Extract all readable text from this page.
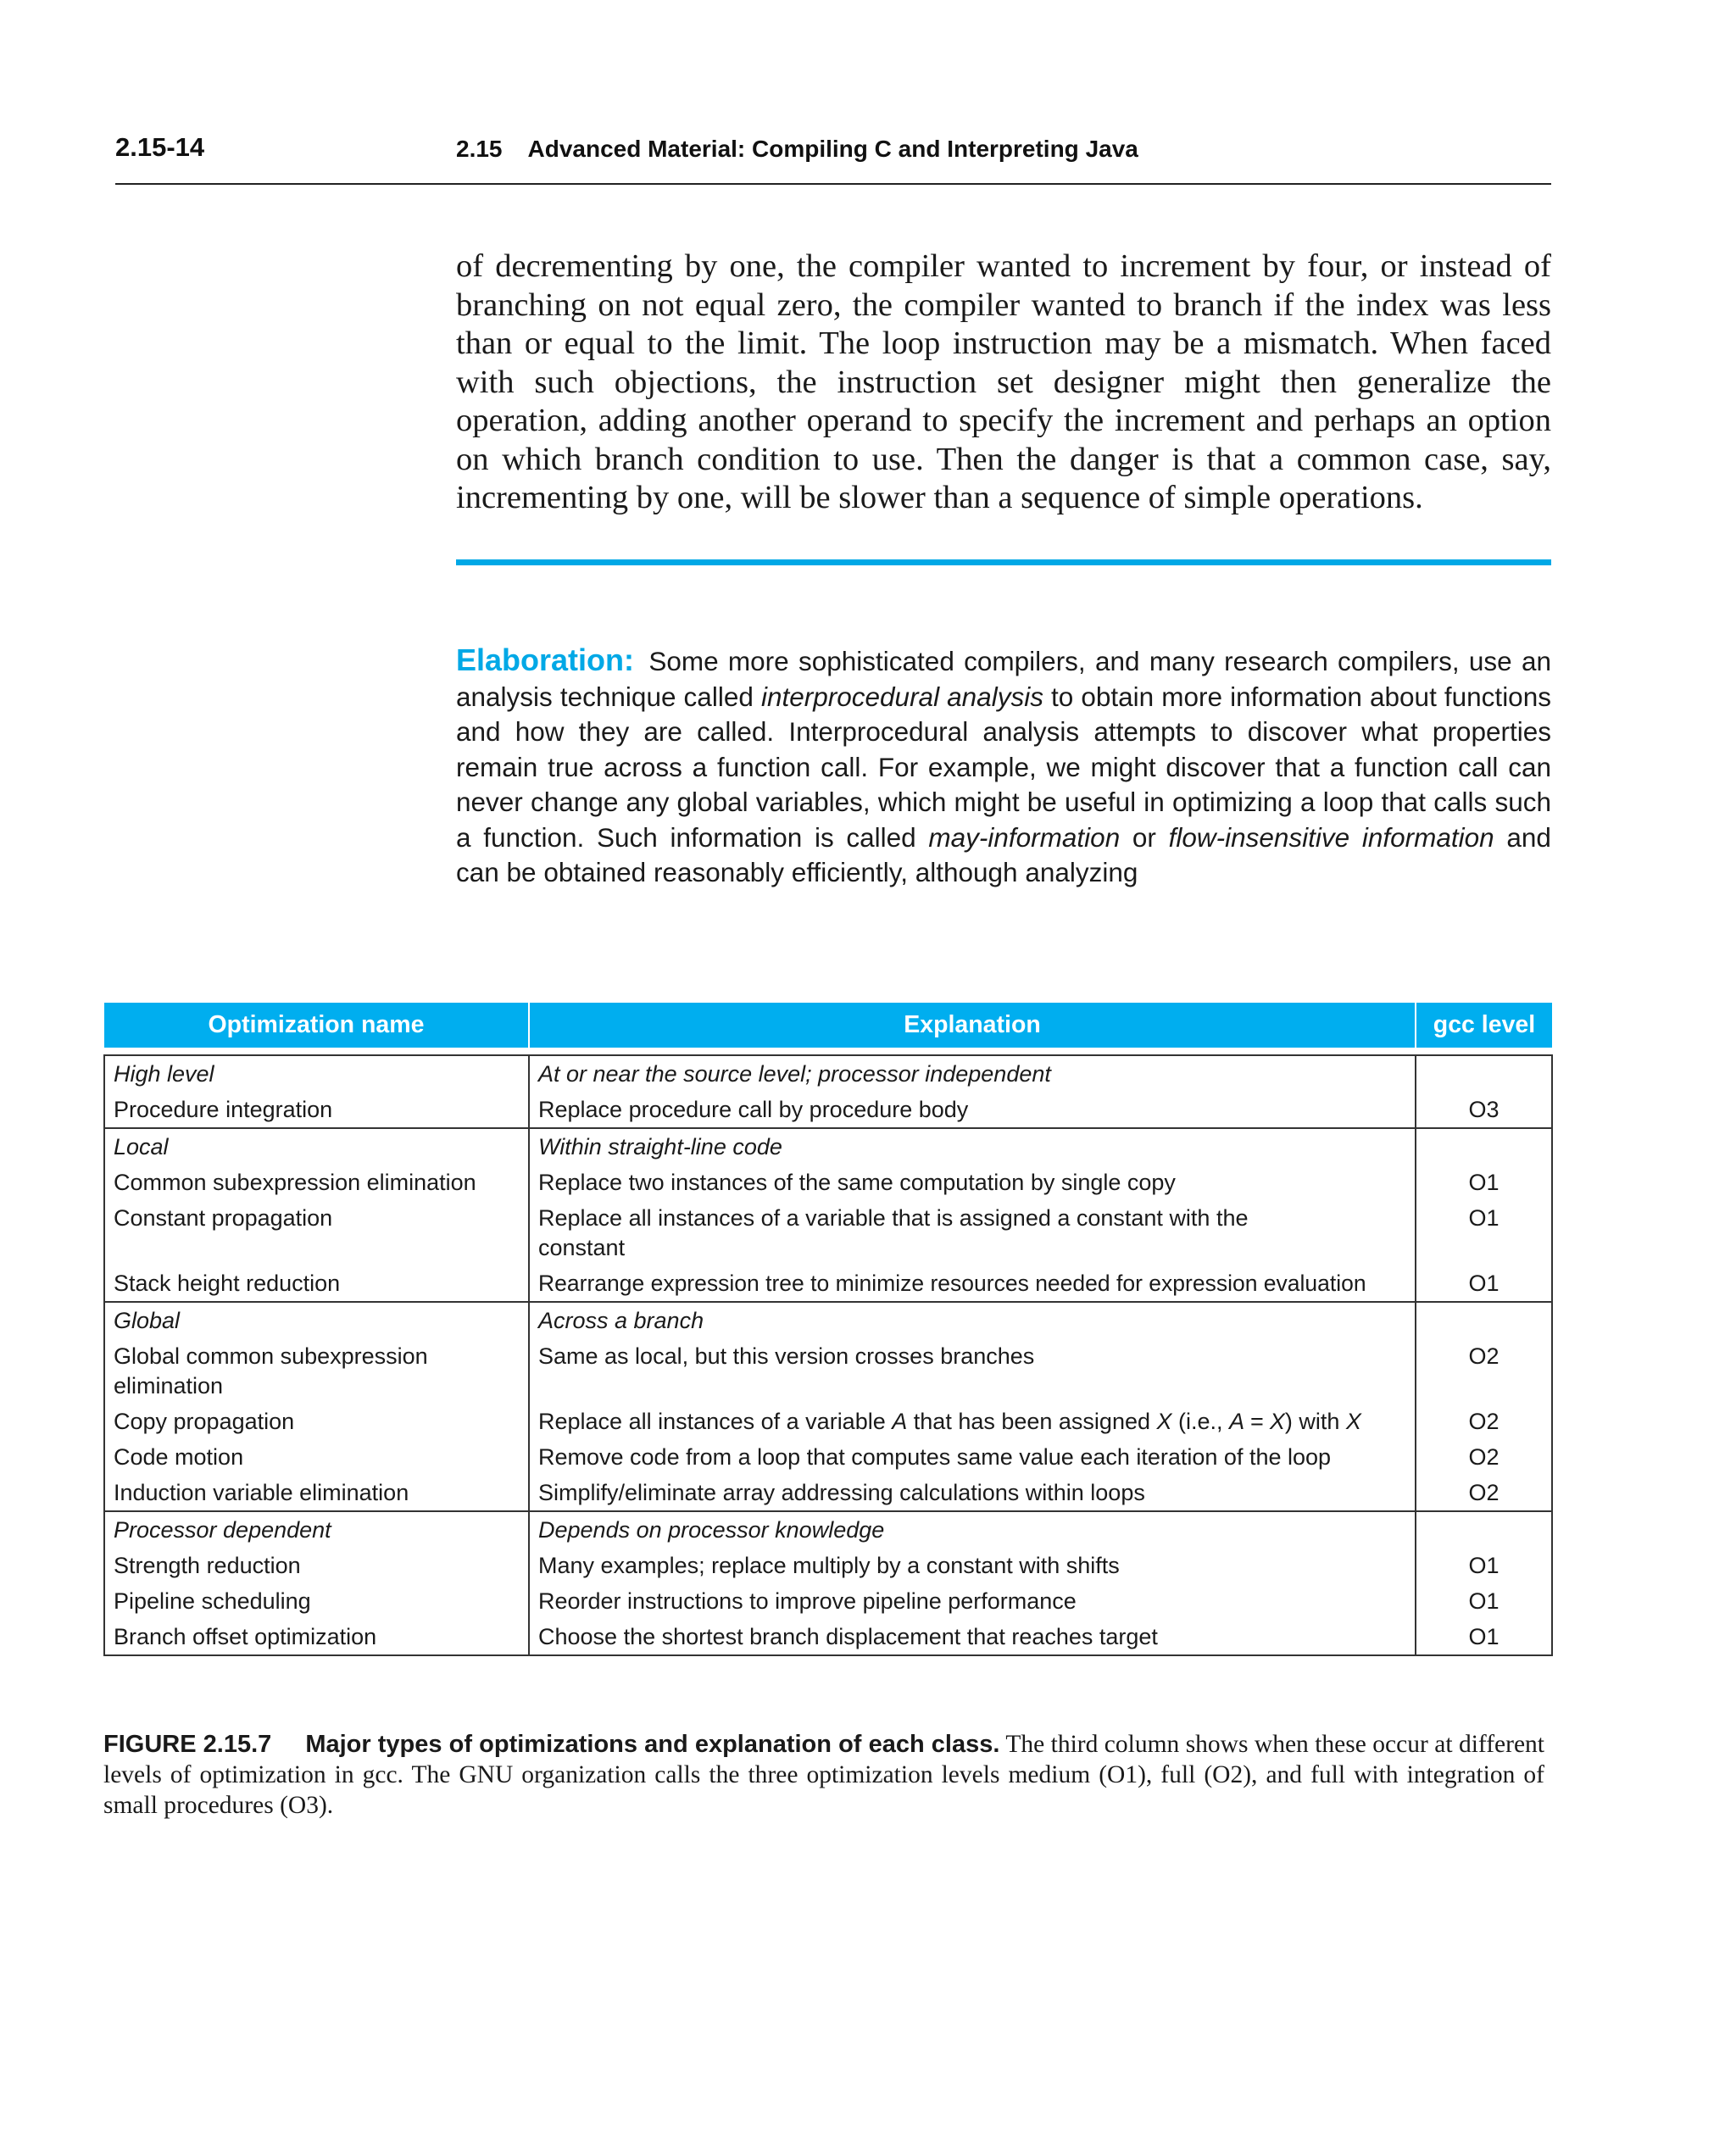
2.15-14	2.15 Advanced Material: Compiling C and Interpreting Java

of decrementing by one, the compiler wanted to increment by four, or instead of branching on not equal zero, the compiler wanted to branch if the index was less than or equal to the limit. The loop instruction may be a mismatch. When faced with such objections, the instruction set designer might then generalize the operation, adding another operand to specify the increment and perhaps an option on which branch condition to use. Then the danger is that a common case, say, incrementing by one, will be slower than a sequence of simple operations.

Elaboration: Some more sophisticated compilers, and many research compilers, use an analysis technique called interprocedural analysis to obtain more information about functions and how they are called. Interprocedural analysis attempts to discover what properties remain true across a function call. For example, we might discover that a function call can never change any global variables, which might be useful in optimizing a loop that calls such a function. Such information is called may-information or flow-insensitive information and can be obtained reasonably efficiently, although analyzing

Optimization name	Explanation	gcc level

High level	At or near the source level; processor independent	
Procedure integration	Replace procedure call by procedure body	O3
Local	Within straight-line code	
Common subexpression elimination	Replace two instances of the same computation by single copy	O1
Constant propagation	Replace all instances of a variable that is assigned a constant with the constant	O1
Stack height reduction	Rearrange expression tree to minimize resources needed for expression evaluation	O1
Global	Across a branch	
Global common subexpression elimination	Same as local, but this version crosses branches	O2
Copy propagation	Replace all instances of a variable A that has been assigned X (i.e., A = X) with X	O2
Code motion	Remove code from a loop that computes same value each iteration of the loop	O2
Induction variable elimination	Simplify/eliminate array addressing calculations within loops	O2
Processor dependent	Depends on processor knowledge	
Strength reduction	Many examples; replace multiply by a constant with shifts	O1
Pipeline scheduling	Reorder instructions to improve pipeline performance	O1
Branch offset optimization	Choose the shortest branch displacement that reaches target	O1

FIGURE 2.15.7 Major types of optimizations and explanation of each class. The third column shows when these occur at different levels of optimization in gcc. The GNU organization calls the three optimization levels medium (O1), full (O2), and full with integration of small procedures (O3).
